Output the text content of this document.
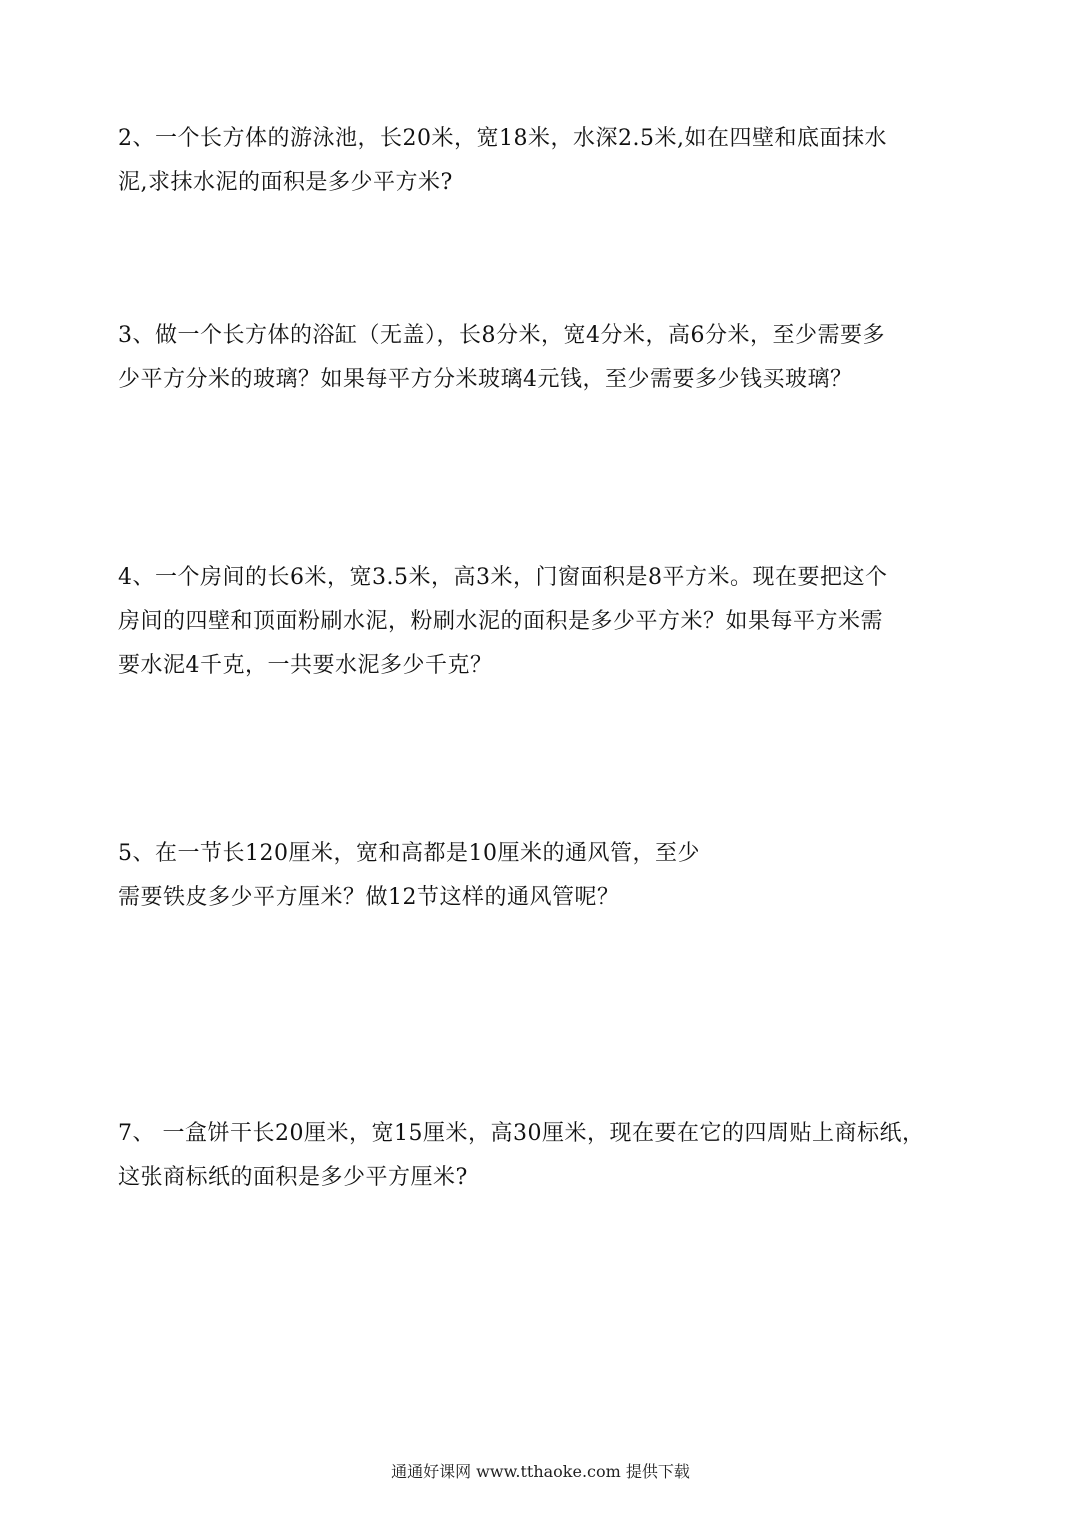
2、一个长方体的游泳池，长20米，宽18米，水深2.5米,如在四壁和底面抹水
泥,求抹水泥的面积是多少平方米?
3、做一个长方体的浴缸（无盖），长8分米，宽4分米，高6分米，至少需要多
少平方分米的玻璃？如果每平方分米玻璃4元钱，至少需要多少钱买玻璃？
4、一个房间的长6米，宽3.5米，高3米，门窗面积是8平方米。现在要把这个
房间的四壁和顶面粉刷水泥，粉刷水泥的面积是多少平方米？如果每平方米需
要水泥4千克，一共要水泥多少千克？
5、在一节长120厘米，宽和高都是10厘米的通风管，至少
需要铁皮多少平方厘米？做12节这样的通风管呢？
7、 一盒饼干长20厘米，宽15厘米，高30厘米，现在要在它的四周贴上商标纸，
这张商标纸的面积是多少平方厘米?
通通好课网 www.tthaoke.com 提供下载
